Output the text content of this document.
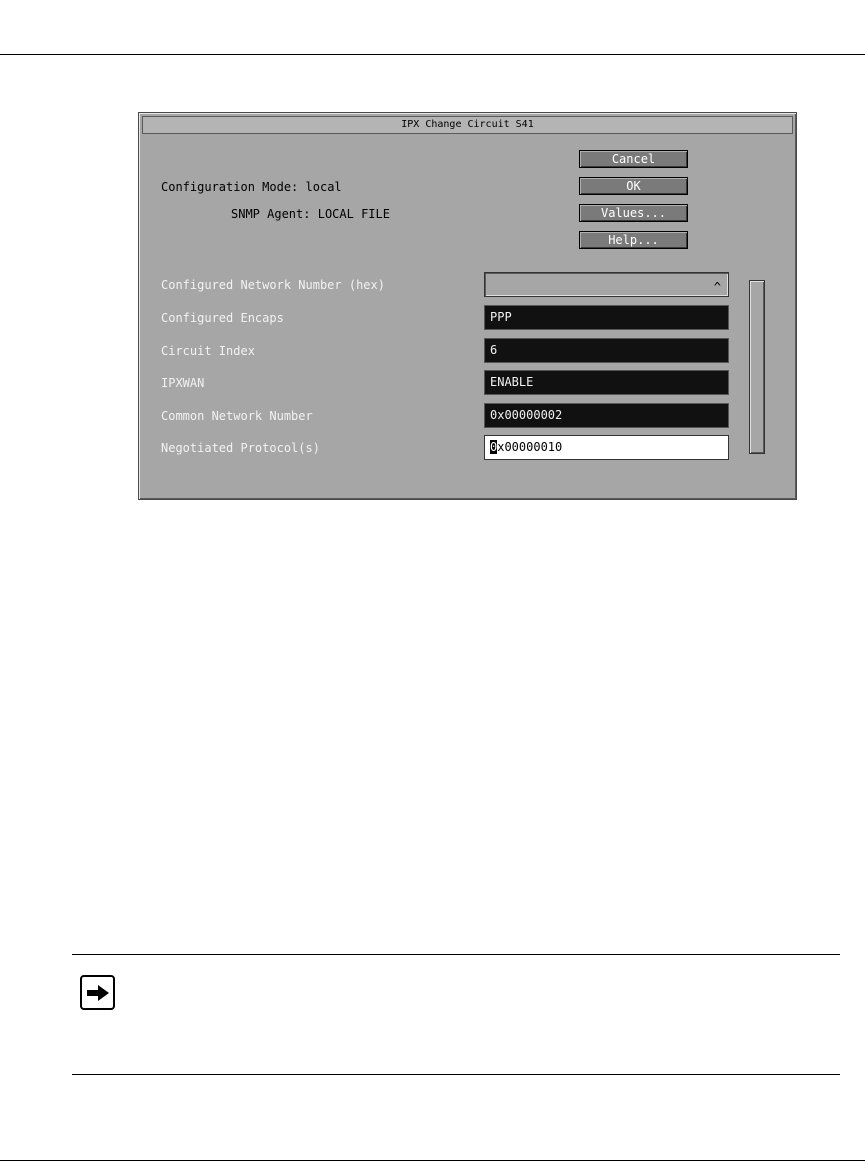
IPX Change Circuit S41
Configuration Mode: local
SNMP Agent: LOCAL FILE
Cancel
OK
Values...
Help...
Configured Network Number (hex)
Configured Encaps
Circuit Index
IPXWAN
Common Network Number
Negotiated Protocol(s)
^
PPP
6
ENABLE
0x00000002
0x00000010
